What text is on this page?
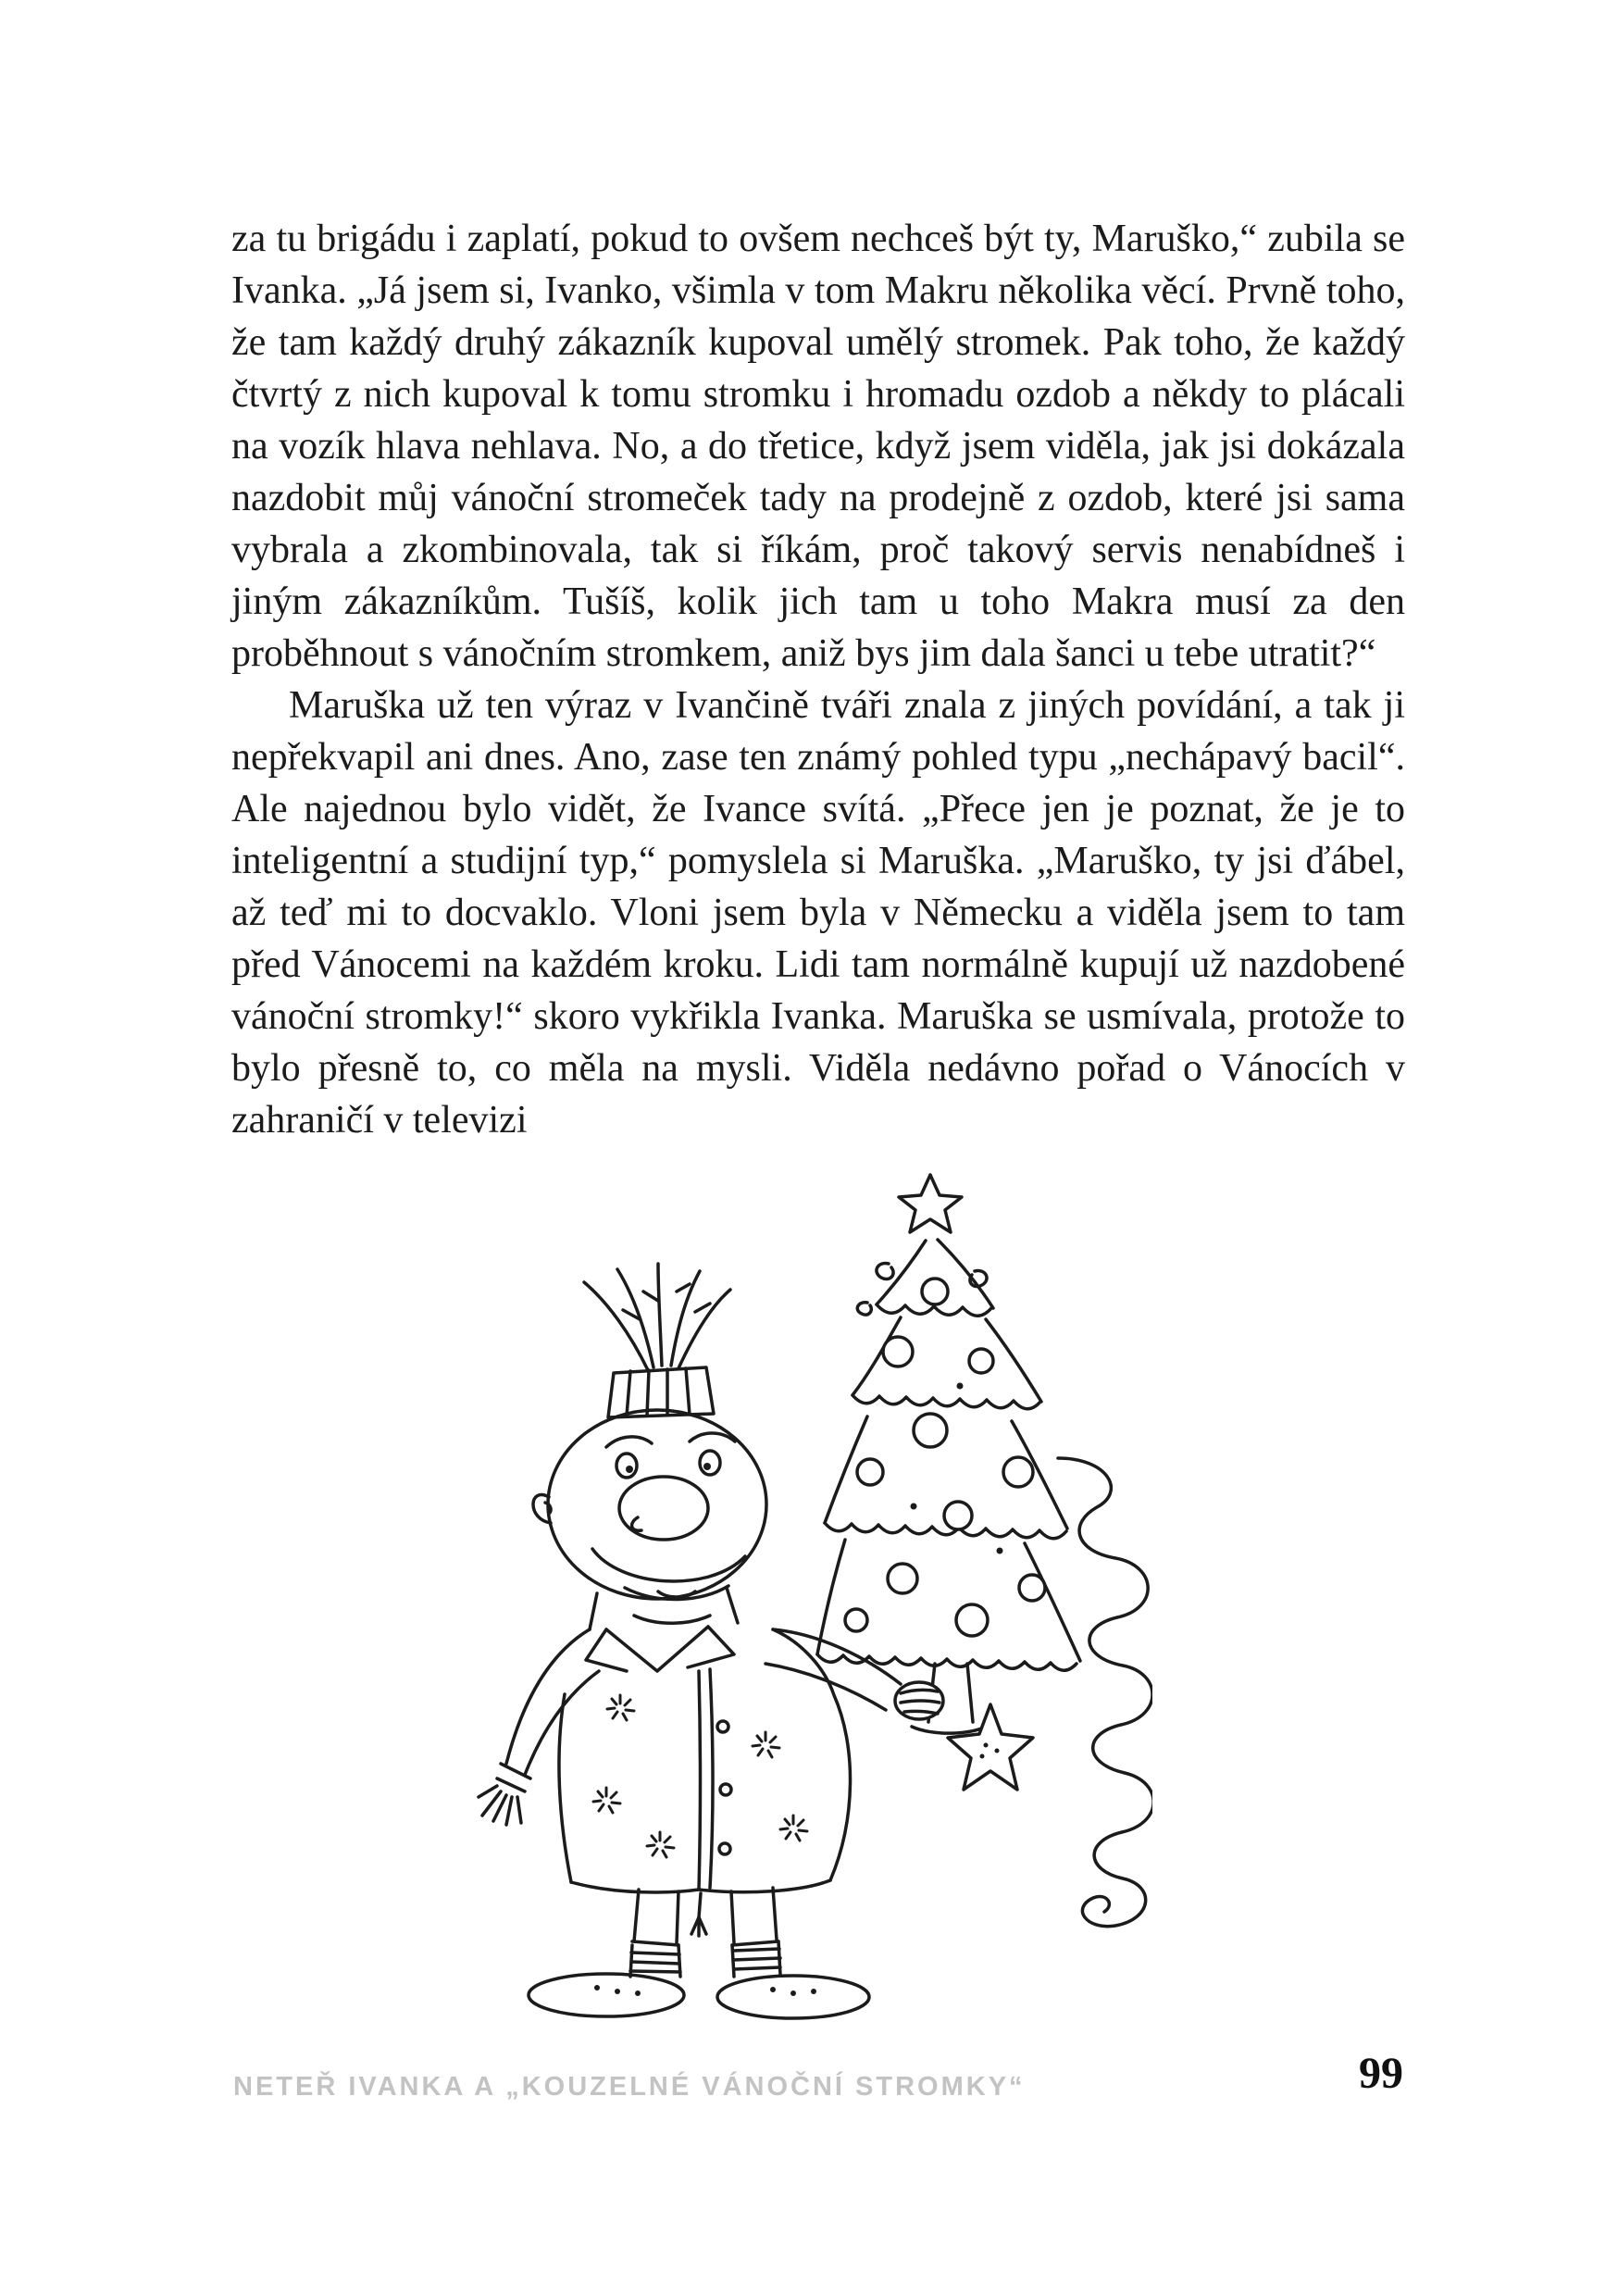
za tu brigádu i zaplatí, pokud to ovšem nechceš být ty, Maruško,“ zubila se Ivanka. „Já jsem si, Ivanko, všimla v tom Makru několika věcí. Prvně toho, že tam každý druhý zákazník kupoval umělý stromek. Pak toho, že každý čtvrtý z nich kupoval k tomu stromku i hromadu ozdob a někdy to plácali na vozík hlava nehlava. No, a do třetice, když jsem viděla, jak jsi dokázala nazdobit můj vánoční stromeček tady na prodejně z ozdob, které jsi sama vybrala a zkombinovala, tak si říkám, proč takový servis nenabídneš i jiným zákazníkům. Tušíš, kolik jich tam u toho Makra musí za den proběhnout s vánočním stromkem, aniž bys jim dala šanci u tebe utratit?“

Maruška už ten výraz v Ivančině tváři znala z jiných povídání, a tak ji nepřekvapil ani dnes. Ano, zase ten známý pohled typu „nechápavý bacil“. Ale najednou bylo vidět, že Ivance svítá. „Přece jen je poznat, že je to inteligentní a studijní typ,“ pomyslela si Maruška. „Maruško, ty jsi ďábel, až teď mi to docvaklo. Vloni jsem byla v Německu a viděla jsem to tam před Vánocemi na každém kroku. Lidi tam normálně kupují už nazdobené vánoční stromky!“ skoro vykřikla Ivanka. Maruška se usmívala, protože to bylo přesně to, co měla na mysli. Viděla nedávno pořad o Vánocích v zahraničí v televizi

NETEŘ IVANKA A „KOUZELNÉ VÁNOČNÍ STROMKY“	99
